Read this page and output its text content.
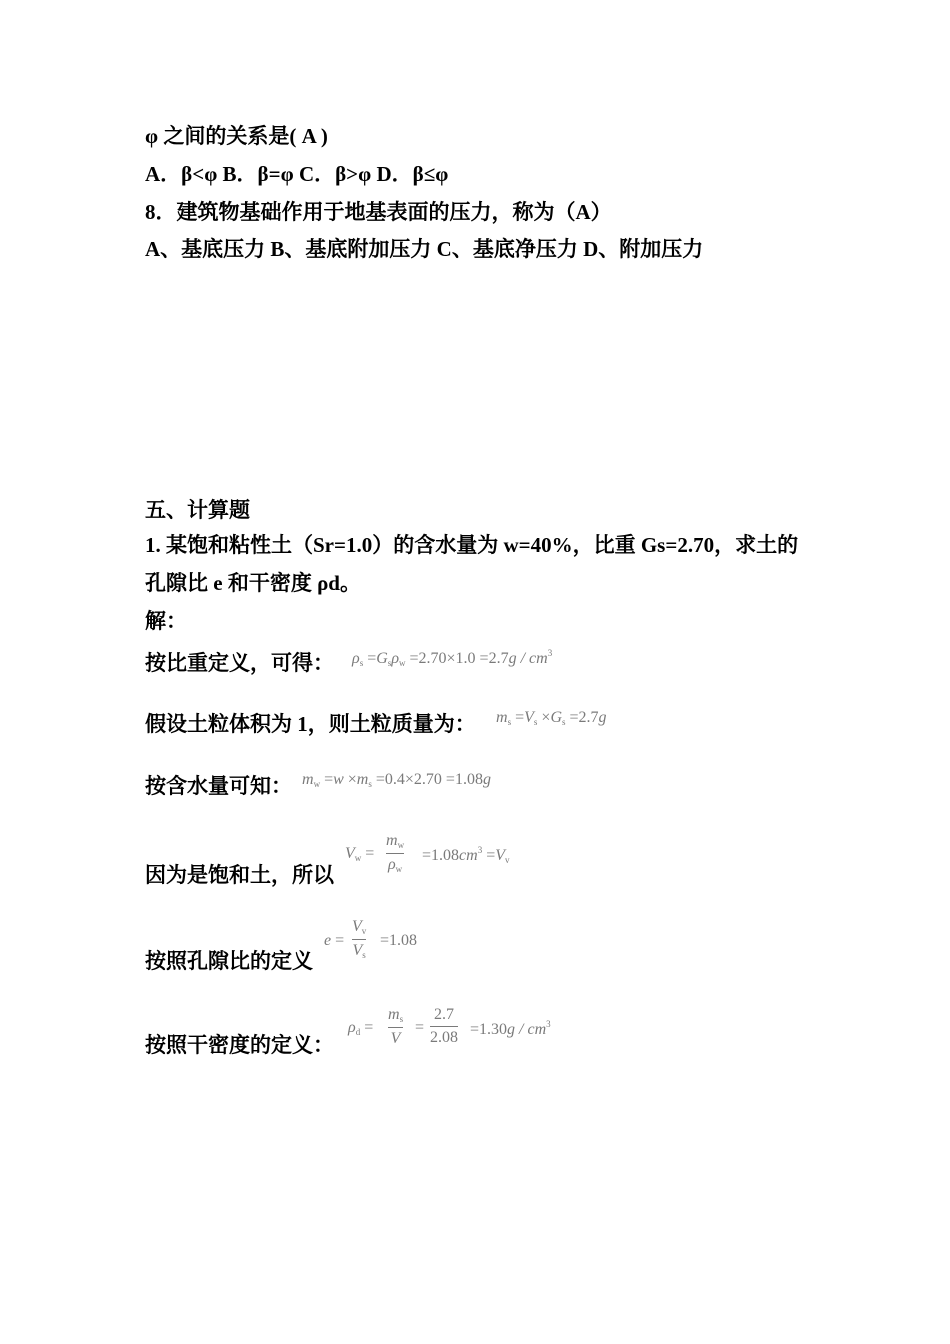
φ 之间的关系是( A )
A．β<φ B．β=φ C．β>φ D．β≤φ
8．建筑物基础作用于地基表面的压力，称为（A）
A、基底压力 B、基底附加压力 C、基底净压力 D、附加压力
五、计算题
1. 某饱和粘性土（Sr=1.0）的含水量为 w=40%，比重 Gs=2.70，求土的
孔隙比 e 和干密度 ρd。
解：
按比重定义，可得： $\rho_s =G_s\rho_w =2.70\times 1.0 =2.7g / cm^3$
假设土粒体积为 1，则土粒质量为： $m_s =V_s \times G_s =2.7g$
按含水量可知： $m_w =w \times m_s =0.4\times 2.70 =1.08g$
因为是饱和土，所以
$V_w$ =
$m_w$
$\rho_w$
$=1.08cm^3 =V_v$
按照孔隙比的定义
e =
$V_v$
$V_s$
=1.08
按照干密度的定义：
$\rho_d$ =
$m_s$
V
=
2.7
$2.08 =1.30g / cm^3$
